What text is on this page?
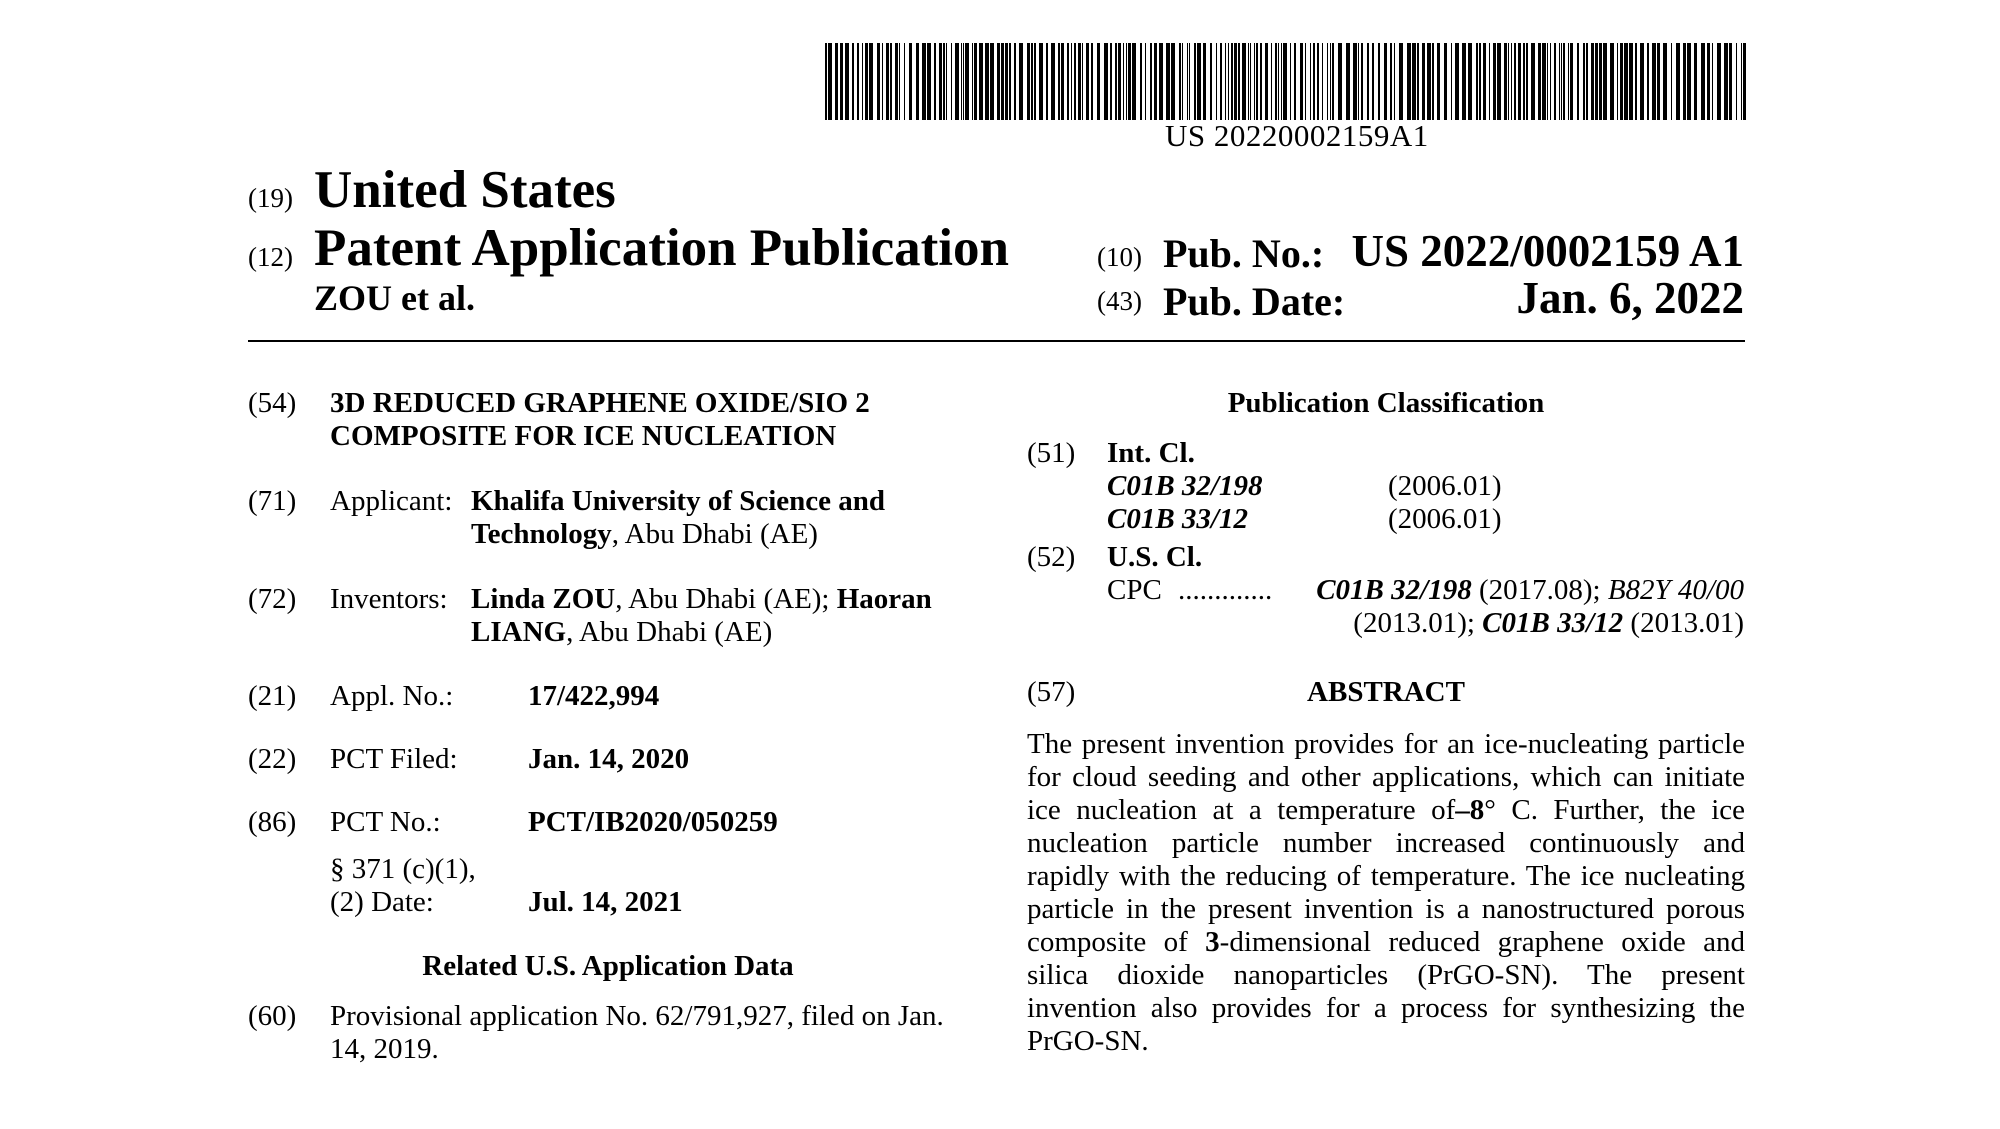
US 20220002159A1
(19) United States
(12) Patent Application Publication
ZOU et al.
(10) Pub. No.: US 2022/0002159 A1
(43) Pub. Date:	Jan. 6, 2022
(54) 3D REDUCED GRAPHENE OXIDE/SIO 2
COMPOSITE FOR ICE NUCLEATION
(71) Applicant: Khalifa University of Science and
Technology, Abu Dhabi (AE)
(72) Inventors: Linda ZOU, Abu Dhabi (AE); Haoran
LIANG, Abu Dhabi (AE)
(21) Appl. No.:	17/422,994
(22) PCT Filed: Jan. 14, 2020
(86) PCT No.:	PCT/IB2020/050259
§ 371 (c)(1),
(2) Date:	Jul. 14, 2021
Related U.S. Application Data
(60) Provisional application No. 62/791,927, filed on Jan.
14, 2019.
Publication Classification
(51) Int. Cl.
C01B 32/198	(2006.01)
C01B 33/12	(2006.01)
(52) U.S. Cl.
CPC ............. C01B 32/198 (2017.08); B82Y 40/00
(2013.01); C01B 33/12 (2013.01)
(57)	ABSTRACT
The present invention provides for an ice-nucleating particle for cloud seeding and other applications, which can initiate ice nucleation at a temperature of–8° C. Further, the ice nucleation particle number increased continuously and rapidly with the reducing of temperature. The ice nucleating particle in the present invention is a nanostructured porous composite of 3-dimensional reduced graphene oxide and silica dioxide nanoparticles (PrGO-SN). The present invention also provides for a process for synthesizing the PrGO-SN.
